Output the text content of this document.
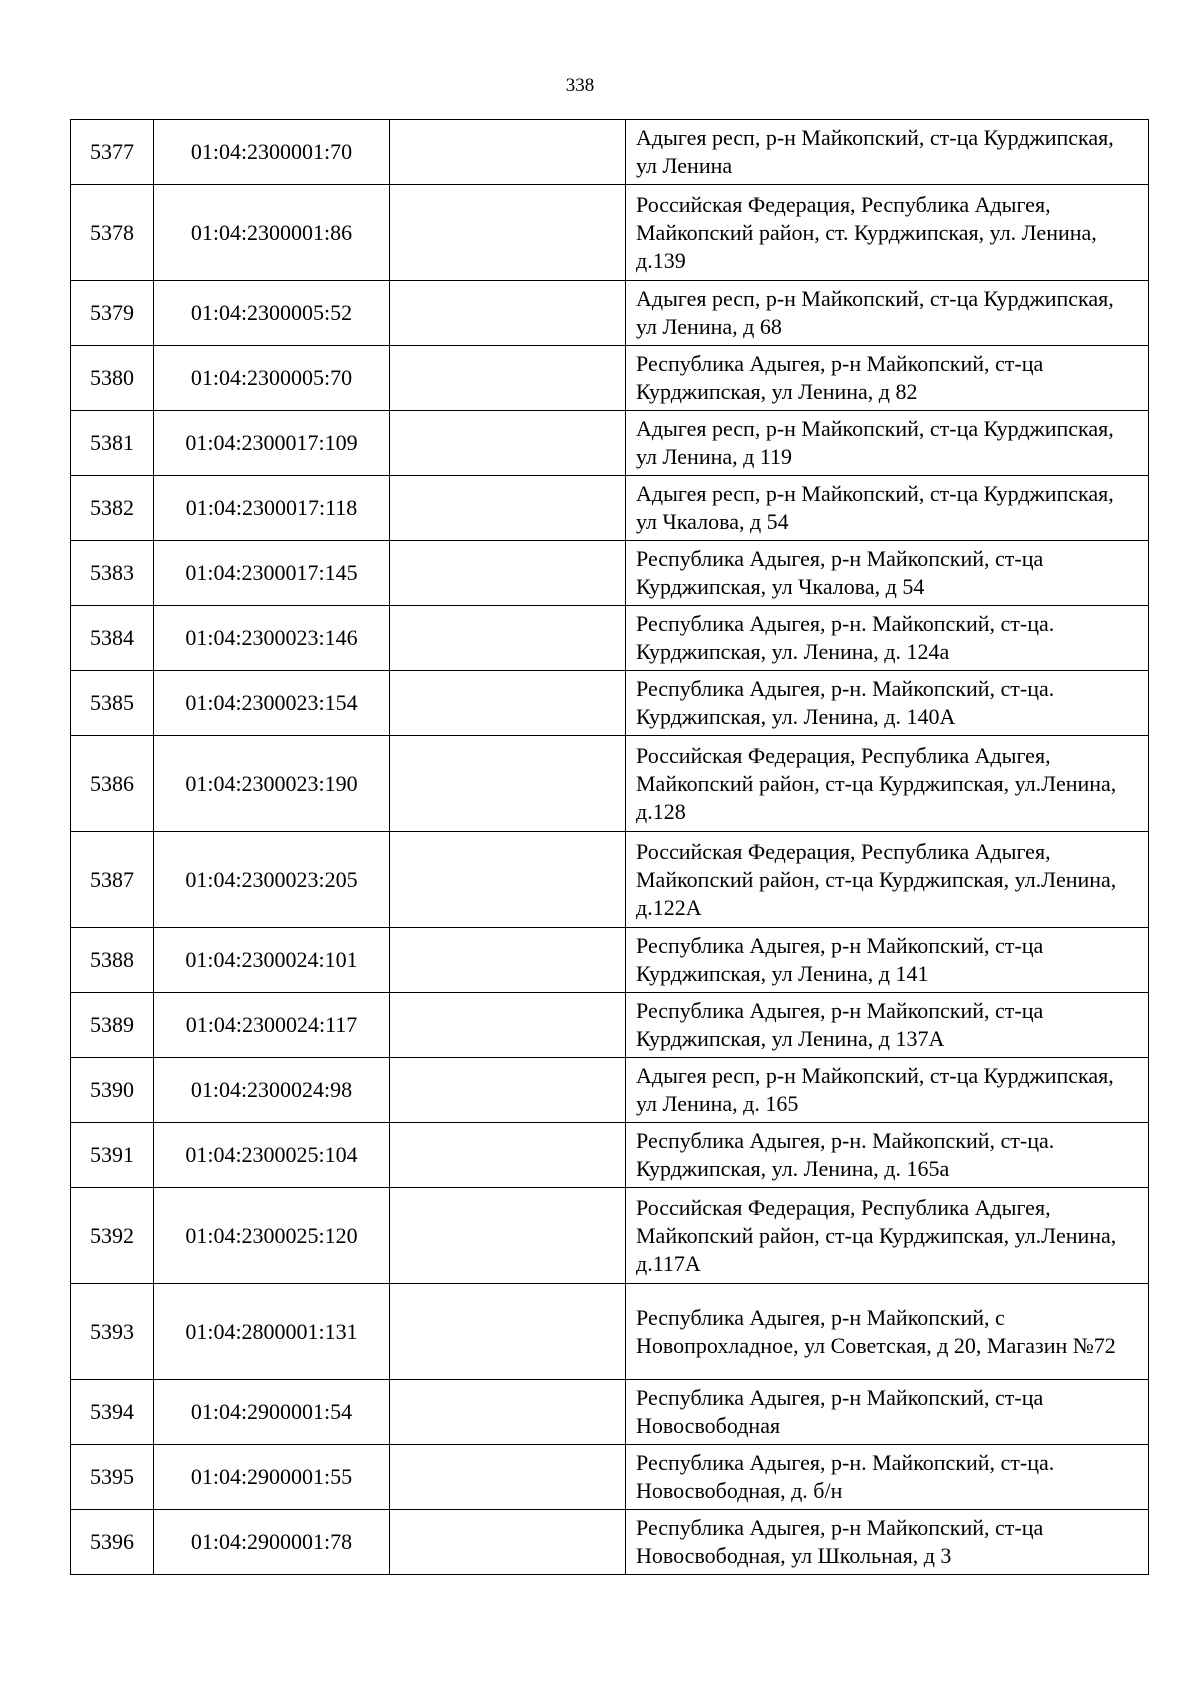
338
5377	01:04:2300001:70		Адыгея респ, р-н Майкопский, ст-ца Курджипская, ул Ленина
5378	01:04:2300001:86		Российская Федерация, Республика Адыгея, Майкопский район, ст. Курджипская, ул. Ленина, д.139
5379	01:04:2300005:52		Адыгея респ, р-н Майкопский, ст-ца Курджипская, ул Ленина, д 68
5380	01:04:2300005:70		Республика Адыгея, р-н Майкопский, ст-ца Курджипская, ул Ленина, д 82
5381	01:04:2300017:109		Адыгея респ, р-н Майкопский, ст-ца Курджипская, ул Ленина, д 119
5382	01:04:2300017:118		Адыгея респ, р-н Майкопский, ст-ца Курджипская, ул Чкалова, д 54
5383	01:04:2300017:145		Республика Адыгея, р-н Майкопский, ст-ца Курджипская, ул Чкалова, д 54
5384	01:04:2300023:146		Республика Адыгея, р-н. Майкопский, ст-ца. Курджипская, ул. Ленина, д. 124а
5385	01:04:2300023:154		Республика Адыгея, р-н. Майкопский, ст-ца. Курджипская, ул. Ленина, д. 140А
5386	01:04:2300023:190		Российская Федерация, Республика Адыгея, Майкопский район, ст-ца Курджипская, ул.Ленина, д.128
5387	01:04:2300023:205		Российская Федерация, Республика Адыгея, Майкопский район, ст-ца Курджипская, ул.Ленина, д.122А
5388	01:04:2300024:101		Республика Адыгея, р-н Майкопский, ст-ца Курджипская, ул Ленина, д 141
5389	01:04:2300024:117		Республика Адыгея, р-н Майкопский, ст-ца Курджипская, ул Ленина, д 137А
5390	01:04:2300024:98		Адыгея респ, р-н Майкопский, ст-ца Курджипская, ул Ленина, д. 165
5391	01:04:2300025:104		Республика Адыгея, р-н. Майкопский, ст-ца. Курджипская, ул. Ленина, д. 165а
5392	01:04:2300025:120		Российская Федерация, Республика Адыгея, Майкопский район, ст-ца Курджипская, ул.Ленина, д.117А
5393	01:04:2800001:131		Республика Адыгея, р-н Майкопский, с Новопрохладное, ул Советская, д 20, Магазин №72
5394	01:04:2900001:54		Республика Адыгея, р-н Майкопский, ст-ца Новосвободная
5395	01:04:2900001:55		Республика Адыгея, р-н. Майкопский, ст-ца. Новосвободная, д. б/н
5396	01:04:2900001:78		Республика Адыгея, р-н Майкопский, ст-ца Новосвободная, ул Школьная, д 3
